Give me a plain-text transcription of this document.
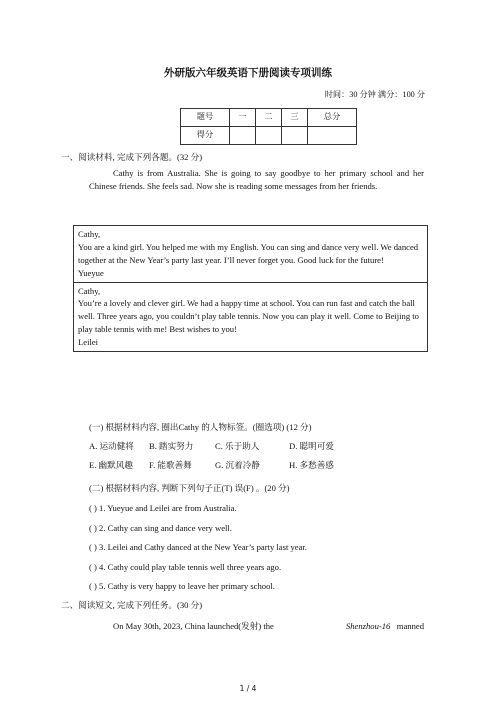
外研版六年级英语下册阅读专项训练
时间：30 分钟 满分：100 分
题号	一	二	三	总分
得分				
一、阅读材料, 完成下列各题。(32 分)
Cathy is from Australia. She is going to say goodbye to her primary school and her Chinese friends. She feels sad. Now she is reading some messages from her friends.
Cathy,
You are a kind girl. You helped me with my English. You can sing and dance very well. We danced together at the New Year’s party last year. I’ll never forget you. Good luck for the future!
Yueyue
Cathy,
You’re a lovely and clever girl. We had a happy time at school. You can run fast and catch the ball well. Three years ago, you couldn’t play table tennis. Now you can play it well. Come to Beijing to play table tennis with me! Best wishes to you!
Leilei
(一) 根据材料内容, 圈出Cathy 的人物标签。(圈选项) (12 分)
A. 运动健将	B. 踏实努力	C. 乐于助人	D. 聪明可爱
E. 幽默风趣	F. 能歌善舞	G. 沉着冷静	H. 多愁善感
(二) 根据材料内容, 判断下列句子正(T) 误(F) 。(20 分)
( ) 1. Yueyue and Leilei are from Australia.
( ) 2. Cathy can sing and dance very well.
( ) 3. Leilei and Cathy danced at the New Year’s party last year.
( ) 4. Cathy could play table tennis well three years ago.
( ) 5. Cathy is very happy to leave her primary school.
二、阅读短文, 完成下列任务。(30 分)
On May 30th, 2023, China launched(发射) the	Shenzhou-16 manned
1 / 4
